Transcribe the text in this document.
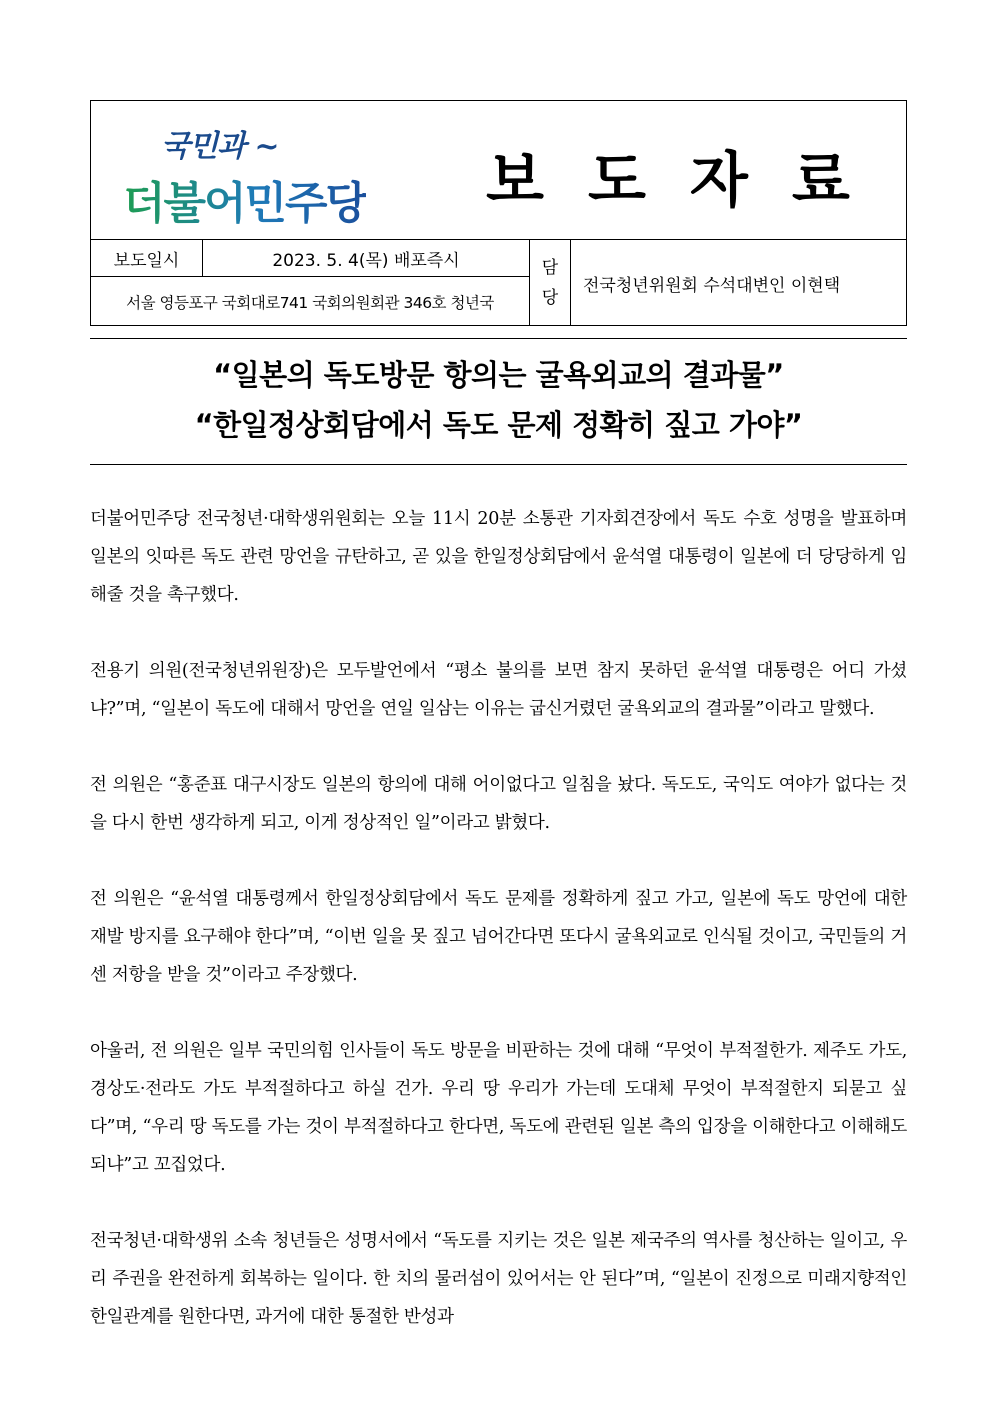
국민과 ~
더불어민주당 보도자료
보도일시	2023. 5. 4(목) 배포즉시
서울 영등포구 국회대로741 국회의원회관 346호 청년국
담
당
전국청년위원회 수석대변인 이현택
“일본의 독도방문 항의는 굴욕외교의 결과물”
“한일정상회담에서 독도 문제 정확히 짚고 가야”

더불어민주당 전국청년·대학생위원회는 오늘 11시 20분 소통관 기자회견장에서 독도 수호 성명을 발표하며 일본의 잇따른 독도 관련 망언을 규탄하고, 곧 있을 한일정상회담에서 윤석열 대통령이 일본에 더 당당하게 임해줄 것을 촉구했다.

전용기 의원(전국청년위원장)은 모두발언에서 “평소 불의를 보면 참지 못하던 윤석열 대통령은 어디 가셨냐?”며, “일본이 독도에 대해서 망언을 연일 일삼는 이유는 굽신거렸던 굴욕외교의 결과물”이라고 말했다.

전 의원은 “홍준표 대구시장도 일본의 항의에 대해 어이없다고 일침을 놨다. 독도도, 국익도 여야가 없다는 것을 다시 한번 생각하게 되고, 이게 정상적인 일”이라고 밝혔다.

전 의원은 “윤석열 대통령께서 한일정상회담에서 독도 문제를 정확하게 짚고 가고, 일본에 독도 망언에 대한 재발 방지를 요구해야 한다”며, “이번 일을 못 짚고 넘어간다면 또다시 굴욕외교로 인식될 것이고, 국민들의 거센 저항을 받을 것”이라고 주장했다.

아울러, 전 의원은 일부 국민의힘 인사들이 독도 방문을 비판하는 것에 대해 “무엇이 부적절한가. 제주도 가도, 경상도·전라도 가도 부적절하다고 하실 건가. 우리 땅 우리가 가는데 도대체 무엇이 부적절한지 되묻고 싶다”며, “우리 땅 독도를 가는 것이 부적절하다고 한다면, 독도에 관련된 일본 측의 입장을 이해한다고 이해해도 되냐”고 꼬집었다.

전국청년·대학생위 소속 청년들은 성명서에서 “독도를 지키는 것은 일본 제국주의 역사를 청산하는 일이고, 우리 주권을 완전하게 회복하는 일이다. 한 치의 물러섬이 있어서는 안 된다”며, “일본이 진정으로 미래지향적인 한일관계를 원한다면, 과거에 대한 통절한 반성과
